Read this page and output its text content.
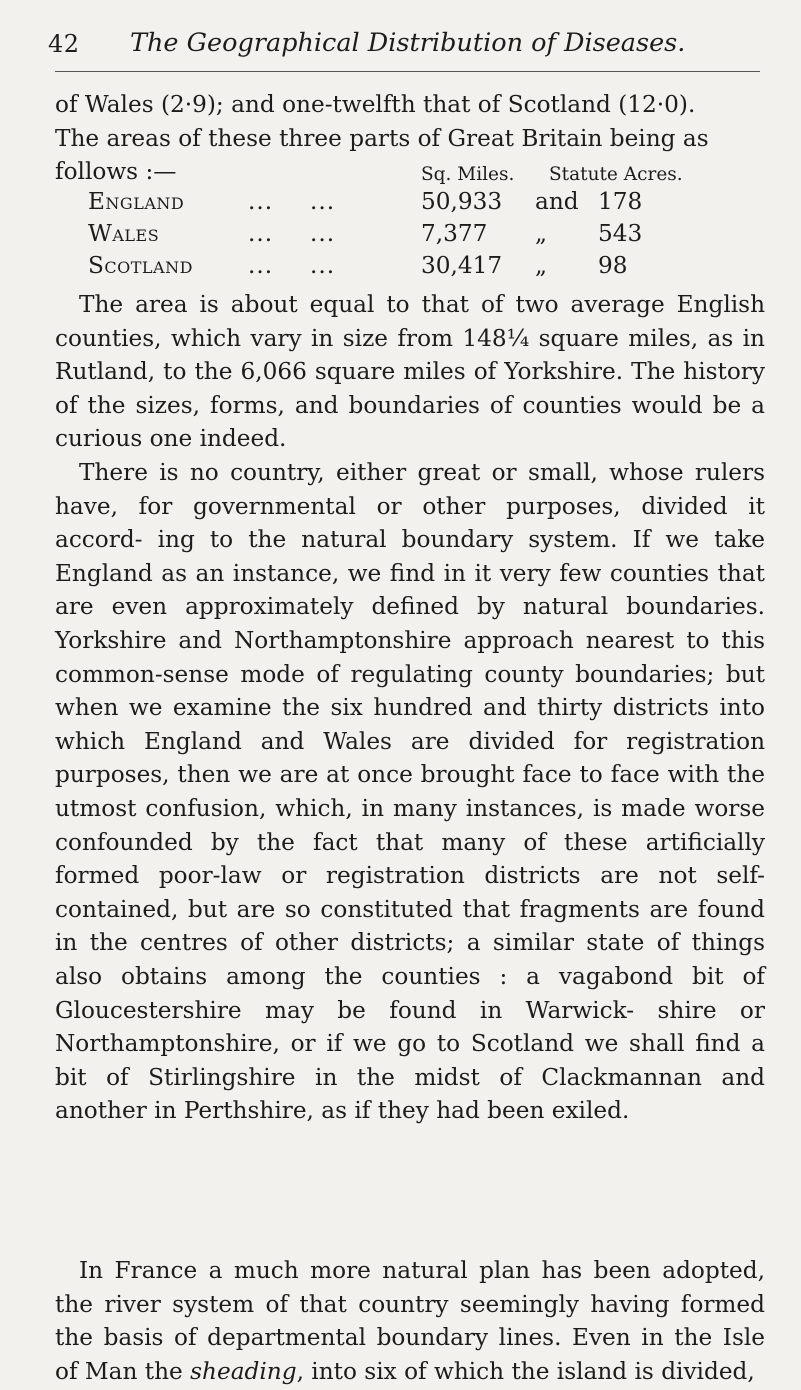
42 The Geographical Distribution of Diseases.
of Wales (2·9); and one-twelfth that of Scotland (12·0).
The areas of these three parts of Great Britain being as
follows :—	Sq. Miles. Statute Acres.
England	... ...	50,933 and 178
Wales	... ...	7,377 „ 543
Scotland ... ...	30,417 „ 98
The area is about equal to that of two average English counties, which vary in size from 148¼ square miles, as in Rutland, to the 6,066 square miles of Yorkshire. The history of the sizes, forms, and boundaries of counties would be a curious one indeed.
There is no country, either great or small, whose rulers have, for governmental or other purposes, divided it accord- ing to the natural boundary system. If we take England as an instance, we find in it very few counties that are even approximately defined by natural boundaries. Yorkshire and Northamptonshire approach nearest to this common-sense mode of regulating county boundaries; but when we examine the six hundred and thirty districts into which England and Wales are divided for registration purposes, then we are at once brought face to face with the utmost confusion, which, in many instances, is made worse confounded by the fact that many of these artificially formed poor-law or registration districts are not self-contained, but are so constituted that fragments are found in the centres of other districts; a similar state of things also obtains among the counties : a vagabond bit of Gloucestershire may be found in Warwick- shire or Northamptonshire, or if we go to Scotland we shall find a bit of Stirlingshire in the midst of Clackmannan and another in Perthshire, as if they had been exiled.
In France a much more natural plan has been adopted, the river system of that country seemingly having formed the basis of departmental boundary lines. Even in the Isle of Man the sheading, into six of which the island is divided,
